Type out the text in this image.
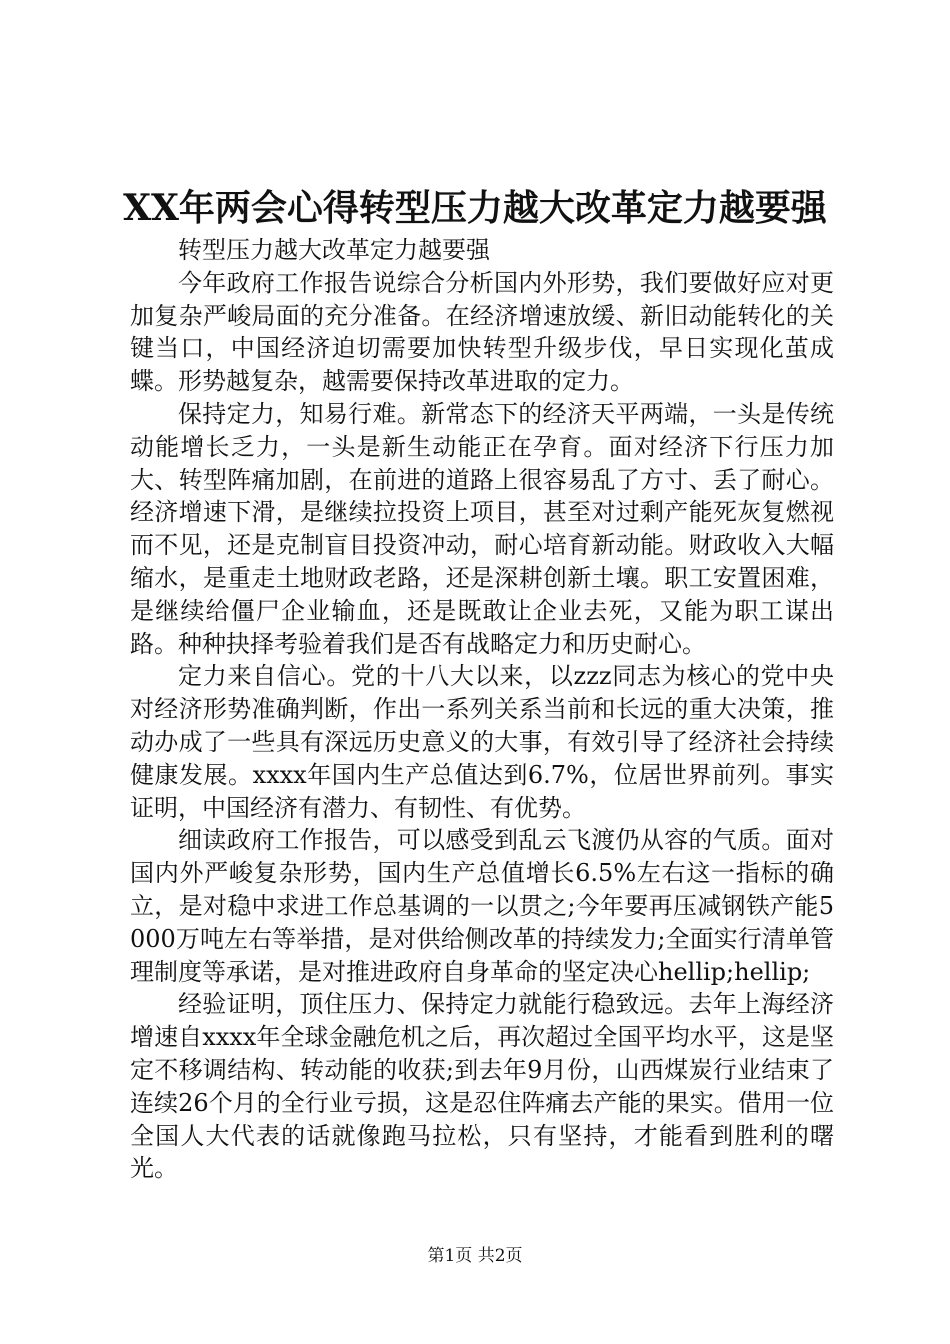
XX年两会心得转型压力越大改革定力越要强

转型压力越大改革定力越要强

今年政府工作报告说综合分析国内外形势，我们要做好应对更加复杂严峻局面的充分准备。在经济增速放缓、新旧动能转化的关键当口，中国经济迫切需要加快转型升级步伐，早日实现化茧成蝶。形势越复杂，越需要保持改革进取的定力。

保持定力，知易行难。新常态下的经济天平两端，一头是传统动能增长乏力，一头是新生动能正在孕育。面对经济下行压力加大、转型阵痛加剧，在前进的道路上很容易乱了方寸、丢了耐心。经济增速下滑，是继续拉投资上项目，甚至对过剩产能死灰复燃视而不见，还是克制盲目投资冲动，耐心培育新动能。财政收入大幅缩水，是重走土地财政老路，还是深耕创新土壤。职工安置困难，是继续给僵尸企业输血，还是既敢让企业去死，又能为职工谋出路。种种抉择考验着我们是否有战略定力和历史耐心。

定力来自信心。党的十八大以来，以zzz同志为核心的党中央对经济形势准确判断，作出一系列关系当前和长远的重大决策，推动办成了一些具有深远历史意义的大事，有效引导了经济社会持续健康发展。xxxx年国内生产总值达到6.7%，位居世界前列。事实证明，中国经济有潜力、有韧性、有优势。

细读政府工作报告，可以感受到乱云飞渡仍从容的气质。面对国内外严峻复杂形势，国内生产总值增长6.5%左右这一指标的确立，是对稳中求进工作总基调的一以贯之;今年要再压减钢铁产能5000万吨左右等举措，是对供给侧改革的持续发力;全面实行清单管理制度等承诺，是对推进政府自身革命的坚定决心hellip;hellip;

经验证明，顶住压力、保持定力就能行稳致远。去年上海经济增速自xxxx年全球金融危机之后，再次超过全国平均水平，这是坚定不移调结构、转动能的收获;到去年9月份，山西煤炭行业结束了连续26个月的全行业亏损，这是忍住阵痛去产能的果实。借用一位全国人大代表的话就像跑马拉松，只有坚持，才能看到胜利的曙光。

第1页 共2页
